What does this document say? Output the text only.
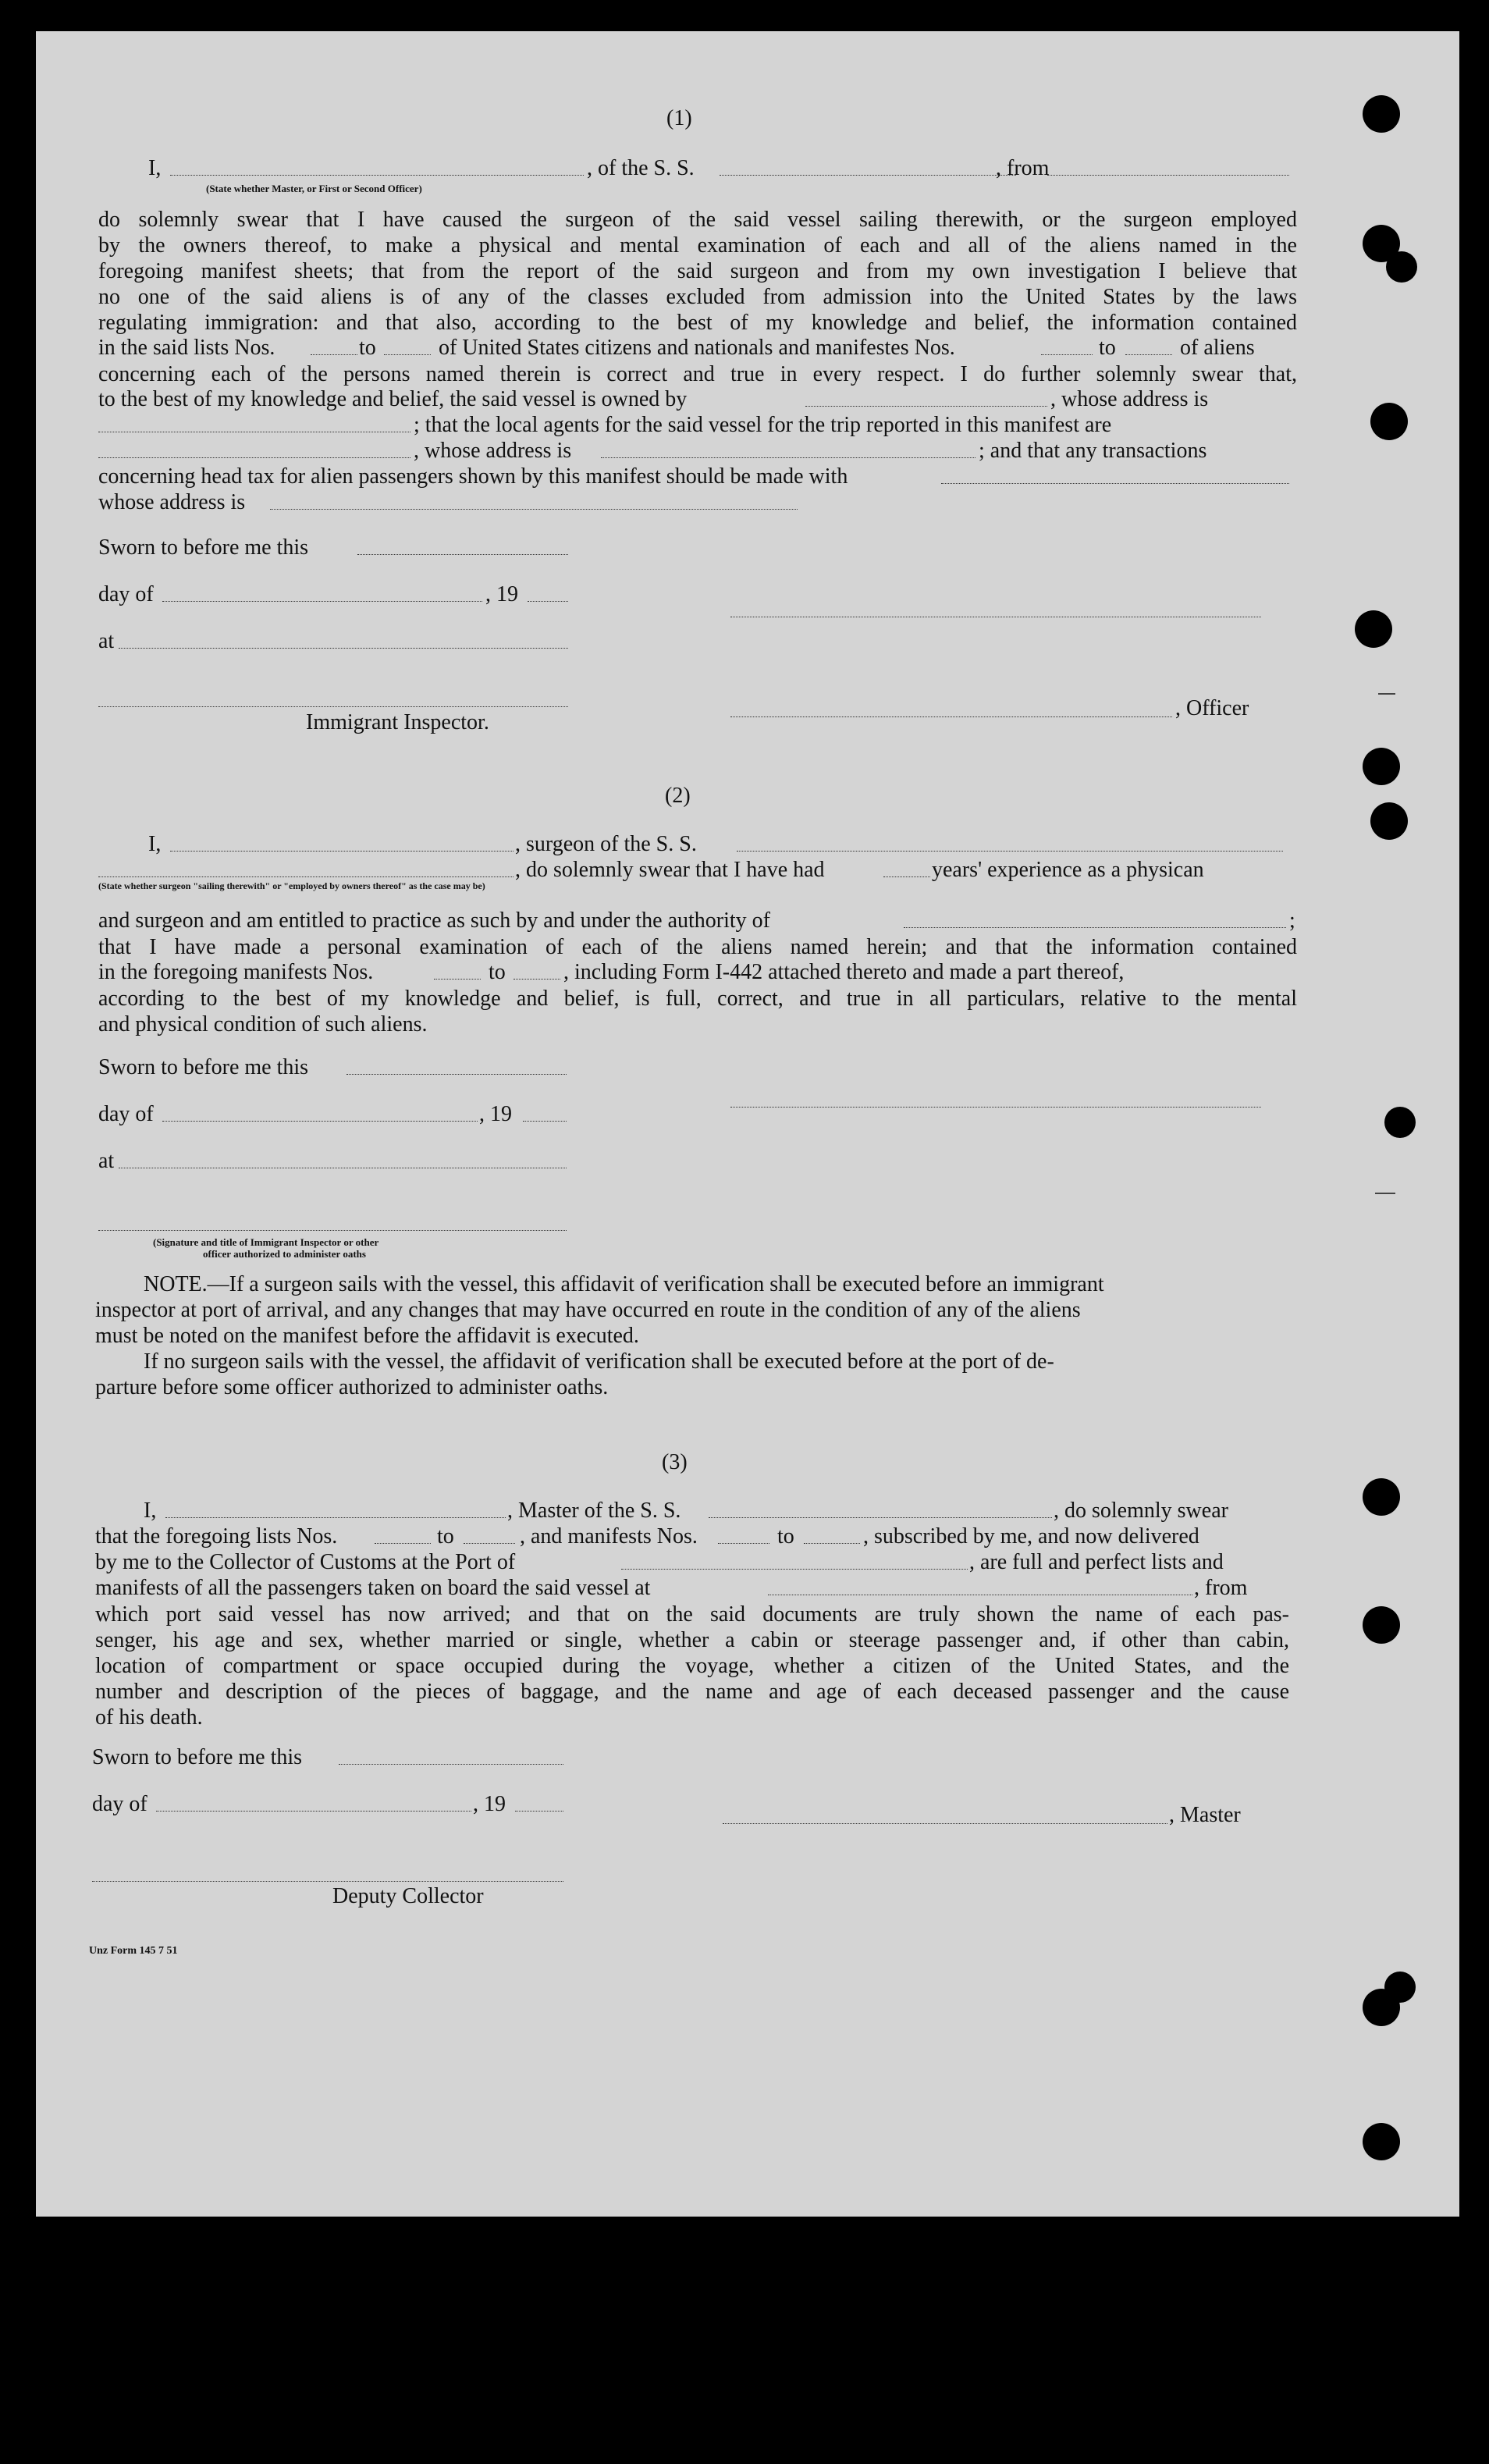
(1)
I,	, of the S. S.	, from
(State whether Master, or First or Second Officer)
do solemnly swear that I have caused the surgeon of the said vessel sailing therewith, or the surgeon employed
by the owners thereof, to make a physical and mental examination of each and all of the aliens named in the
foregoing manifest sheets; that from the report of the said surgeon and from my own investigation I believe that
no one of the said aliens is of any of the classes excluded from admission into the United States by the laws
regulating immigration: and that also, according to the best of my knowledge and belief, the information contained
in the said lists Nos.	to	of United States citizens and nationals and manifestes Nos.	to	of aliens
concerning each of the persons named therein is correct and true in every respect. I do further solemnly swear that,
to the best of my knowledge and belief, the said vessel is owned by	, whose address is
; that the local agents for the said vessel for the trip reported in this manifest are
, whose address is	; and that any transactions
concerning head tax for alien passengers shown by this manifest should be made with
whose address is
Sworn to before me this
day of	, 19
at
Immigrant Inspector.
, Officer
(2)
I,	, surgeon of the S. S.
, do solemnly swear that I have had	years' experience as a physican
(State whether surgeon "sailing therewith" or "employed by owners thereof" as the case may be)
and surgeon and am entitled to practice as such by and under the authority of	;
that I have made a personal examination of each of the aliens named herein; and that the information contained
in the foregoing manifests Nos.	to	, including Form I-442 attached thereto and made a part thereof,
according to the best of my knowledge and belief, is full, correct, and true in all particulars, relative to the mental
and physical condition of such aliens.
Sworn to before me this
day of	, 19
at
(Signature and title of Immigrant Inspector or other
officer authorized to administer oaths
NOTE.—If a surgeon sails with the vessel, this affidavit of verification shall be executed before an immigrant
inspector at port of arrival, and any changes that may have occurred en route in the condition of any of the aliens
must be noted on the manifest before the affidavit is executed.
If no surgeon sails with the vessel, the affidavit of verification shall be executed before at the port of de-
parture before some officer authorized to administer oaths.
(3)
I,	, Master of the S. S.	, do solemnly swear
that the foregoing lists Nos.	to	, and manifests Nos.	to	, subscribed by me, and now delivered
by me to the Collector of Customs at the Port of	, are full and perfect lists and
manifests of all the passengers taken on board the said vessel at	, from
which port said vessel has now arrived; and that on the said documents are truly shown the name of each pas-
senger, his age and sex, whether married or single, whether a cabin or steerage passenger and, if other than cabin,
location of compartment or space occupied during the voyage, whether a citizen of the United States, and the
number and description of the pieces of baggage, and the name and age of each deceased passenger and the cause
of his death.
Sworn to before me this
day of	, 19	, Master
Deputy Collector
Unz Form 145 7 51
